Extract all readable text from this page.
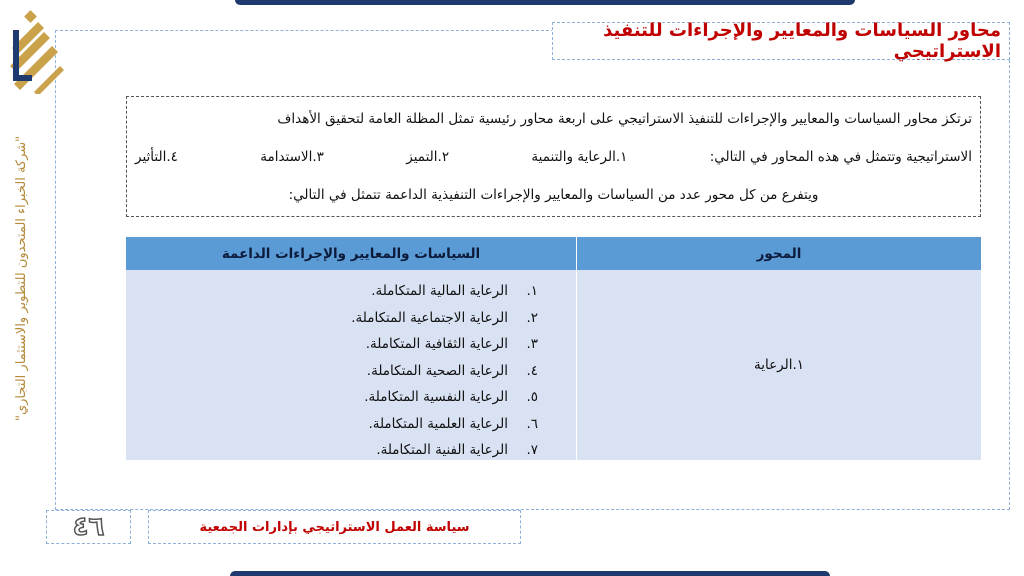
"شركة الخبراء المتحدون للتطوير والاستثمار التجاري"
محاور السياسات والمعايير والإجراءات للتنفيذ الاستراتيجي
ترتكز محاور السياسات والمعايير والإجراءات للتنفيذ الاستراتيجي على اربعة محاور رئيسية تمثل المظلة العامة لتحقيق الأهداف
الاستراتيجية وتتمثل في هذه المحاور في التالي:
١.الرعاية والتنمية
٢.التميز
٣.الاستدامة
٤.التأثير
ويتفرع من كل محور عدد من السياسات والمعايير والإجراءات التنفيذية الداعمة تتمثل في التالي:
المحور
السياسات والمعايير والإجراءات الداعمة
١.الرعاية
١.
الرعاية المالية المتكاملة.
٢.
الرعاية الاجتماعية المتكاملة.
٣.
الرعاية الثقافية المتكاملة.
٤.
الرعاية الصحية المتكاملة.
٥.
الرعاية النفسية المتكاملة.
٦.
الرعاية العلمية المتكاملة.
٧.
الرعاية الفنية المتكاملة.
٤٦	سياسة العمل الاستراتيجي بإدارات الجمعية
